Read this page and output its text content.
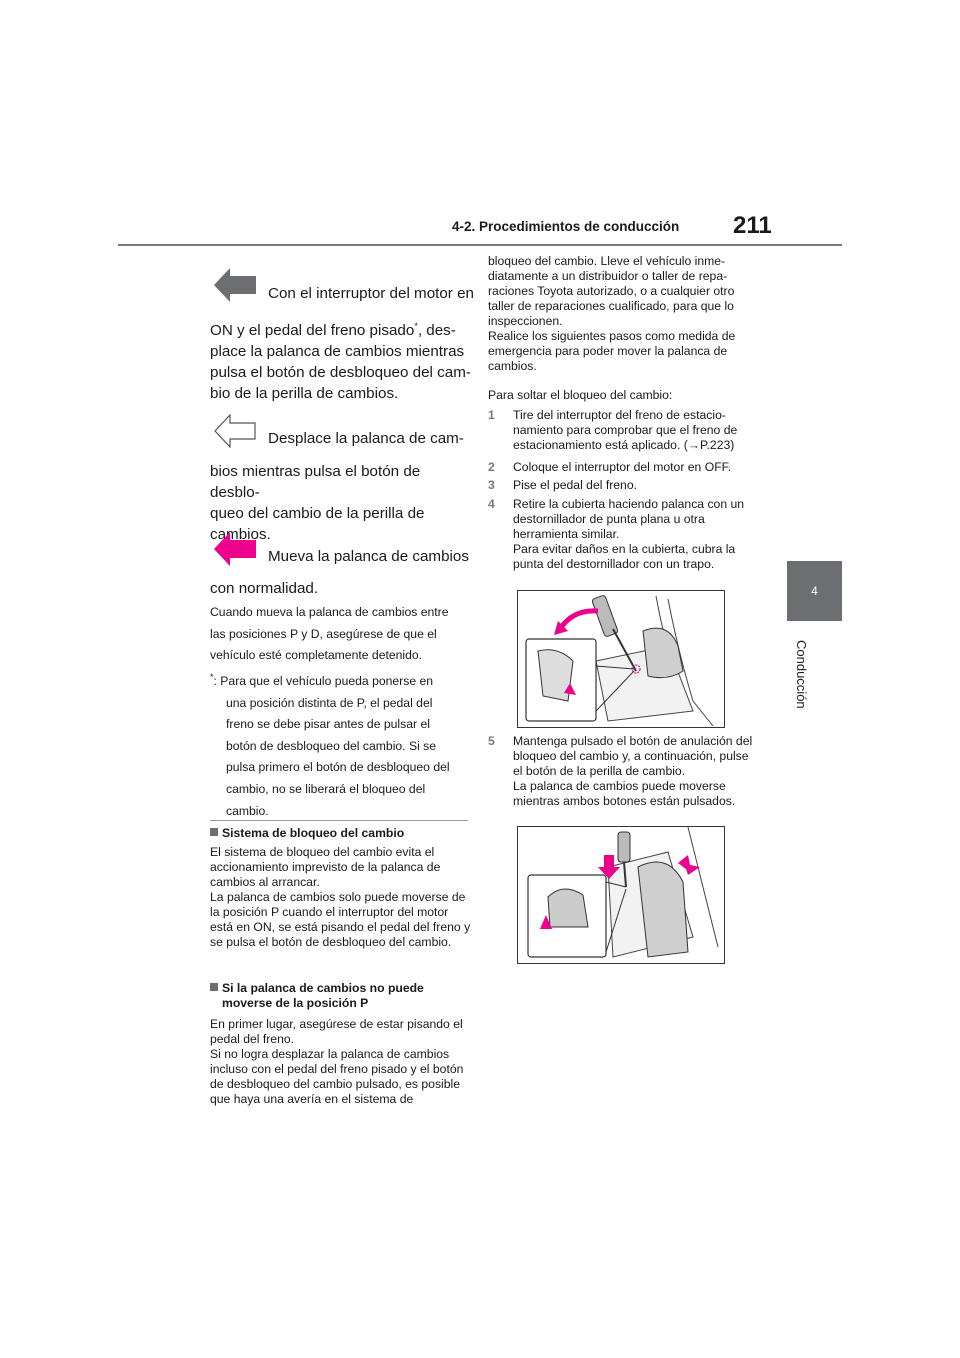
4-2. Procedimientos de conducción 211
4
Conducción
Con el interruptor del motor en

ON y el pedal del freno pisado*, des-

place la palanca de cambios mientras

pulsa el botón de desbloqueo del cam-

bio de la perilla de cambios.

Desplace la palanca de cam-

bios mientras pulsa el botón de desblo-

queo del cambio de la perilla de

cambios.

Mueva la palanca de cambios
con normalidad.

Cuando mueva la palanca de cambios entre

las posiciones P y D, asegúrese de que el

vehículo esté completamente detenido.

*: Para que el vehículo pueda ponerse en

una posición distinta de P, el pedal del

freno se debe pisar antes de pulsar el

botón de desbloqueo del cambio. Si se

pulsa primero el botón de desbloqueo del

cambio, no se liberará el bloqueo del

cambio.

Sistema de bloqueo del cambio
El sistema de bloqueo del cambio evita el accionamiento imprevisto de la palanca de cambios al arrancar.
La palanca de cambios solo puede moverse de la posición P cuando el interruptor del motor está en ON, se está pisando el pedal del freno y se pulsa el botón de desbloqueo del cambio.

Si la palanca de cambios no puede

moverse de la posición P

En primer lugar, asegúrese de estar pisando el pedal del freno.
Si no logra desplazar la palanca de cambios incluso con el pedal del freno pisado y el botón de desbloqueo del cambio pulsado, es posible que haya una avería en el sistema de
bloqueo del cambio. Lleve el vehículo inme-diatamente a un distribuidor o taller de repa-raciones Toyota autorizado, o a cualquier otro taller de reparaciones cualificado, para que lo inspeccionen.
Realice los siguientes pasos como medida de emergencia para poder mover la palanca de cambios.
Para soltar el bloqueo del cambio:
1 Tire del interruptor del freno de estacio-namiento para comprobar que el freno de estacionamiento está aplicado. (→P.223)
2 Coloque el interruptor del motor en OFF.
3 Pise el pedal del freno.
4 Retire la cubierta haciendo palanca con un destornillador de punta plana u otra herramienta similar.
Para evitar daños en la cubierta, cubra la punta del destornillador con un trapo.
5 Mantenga pulsado el botón de anulación del bloqueo del cambio y, a continuación, pulse el botón de la perilla de cambio.
La palanca de cambios puede moverse mientras ambos botones están pulsados.
